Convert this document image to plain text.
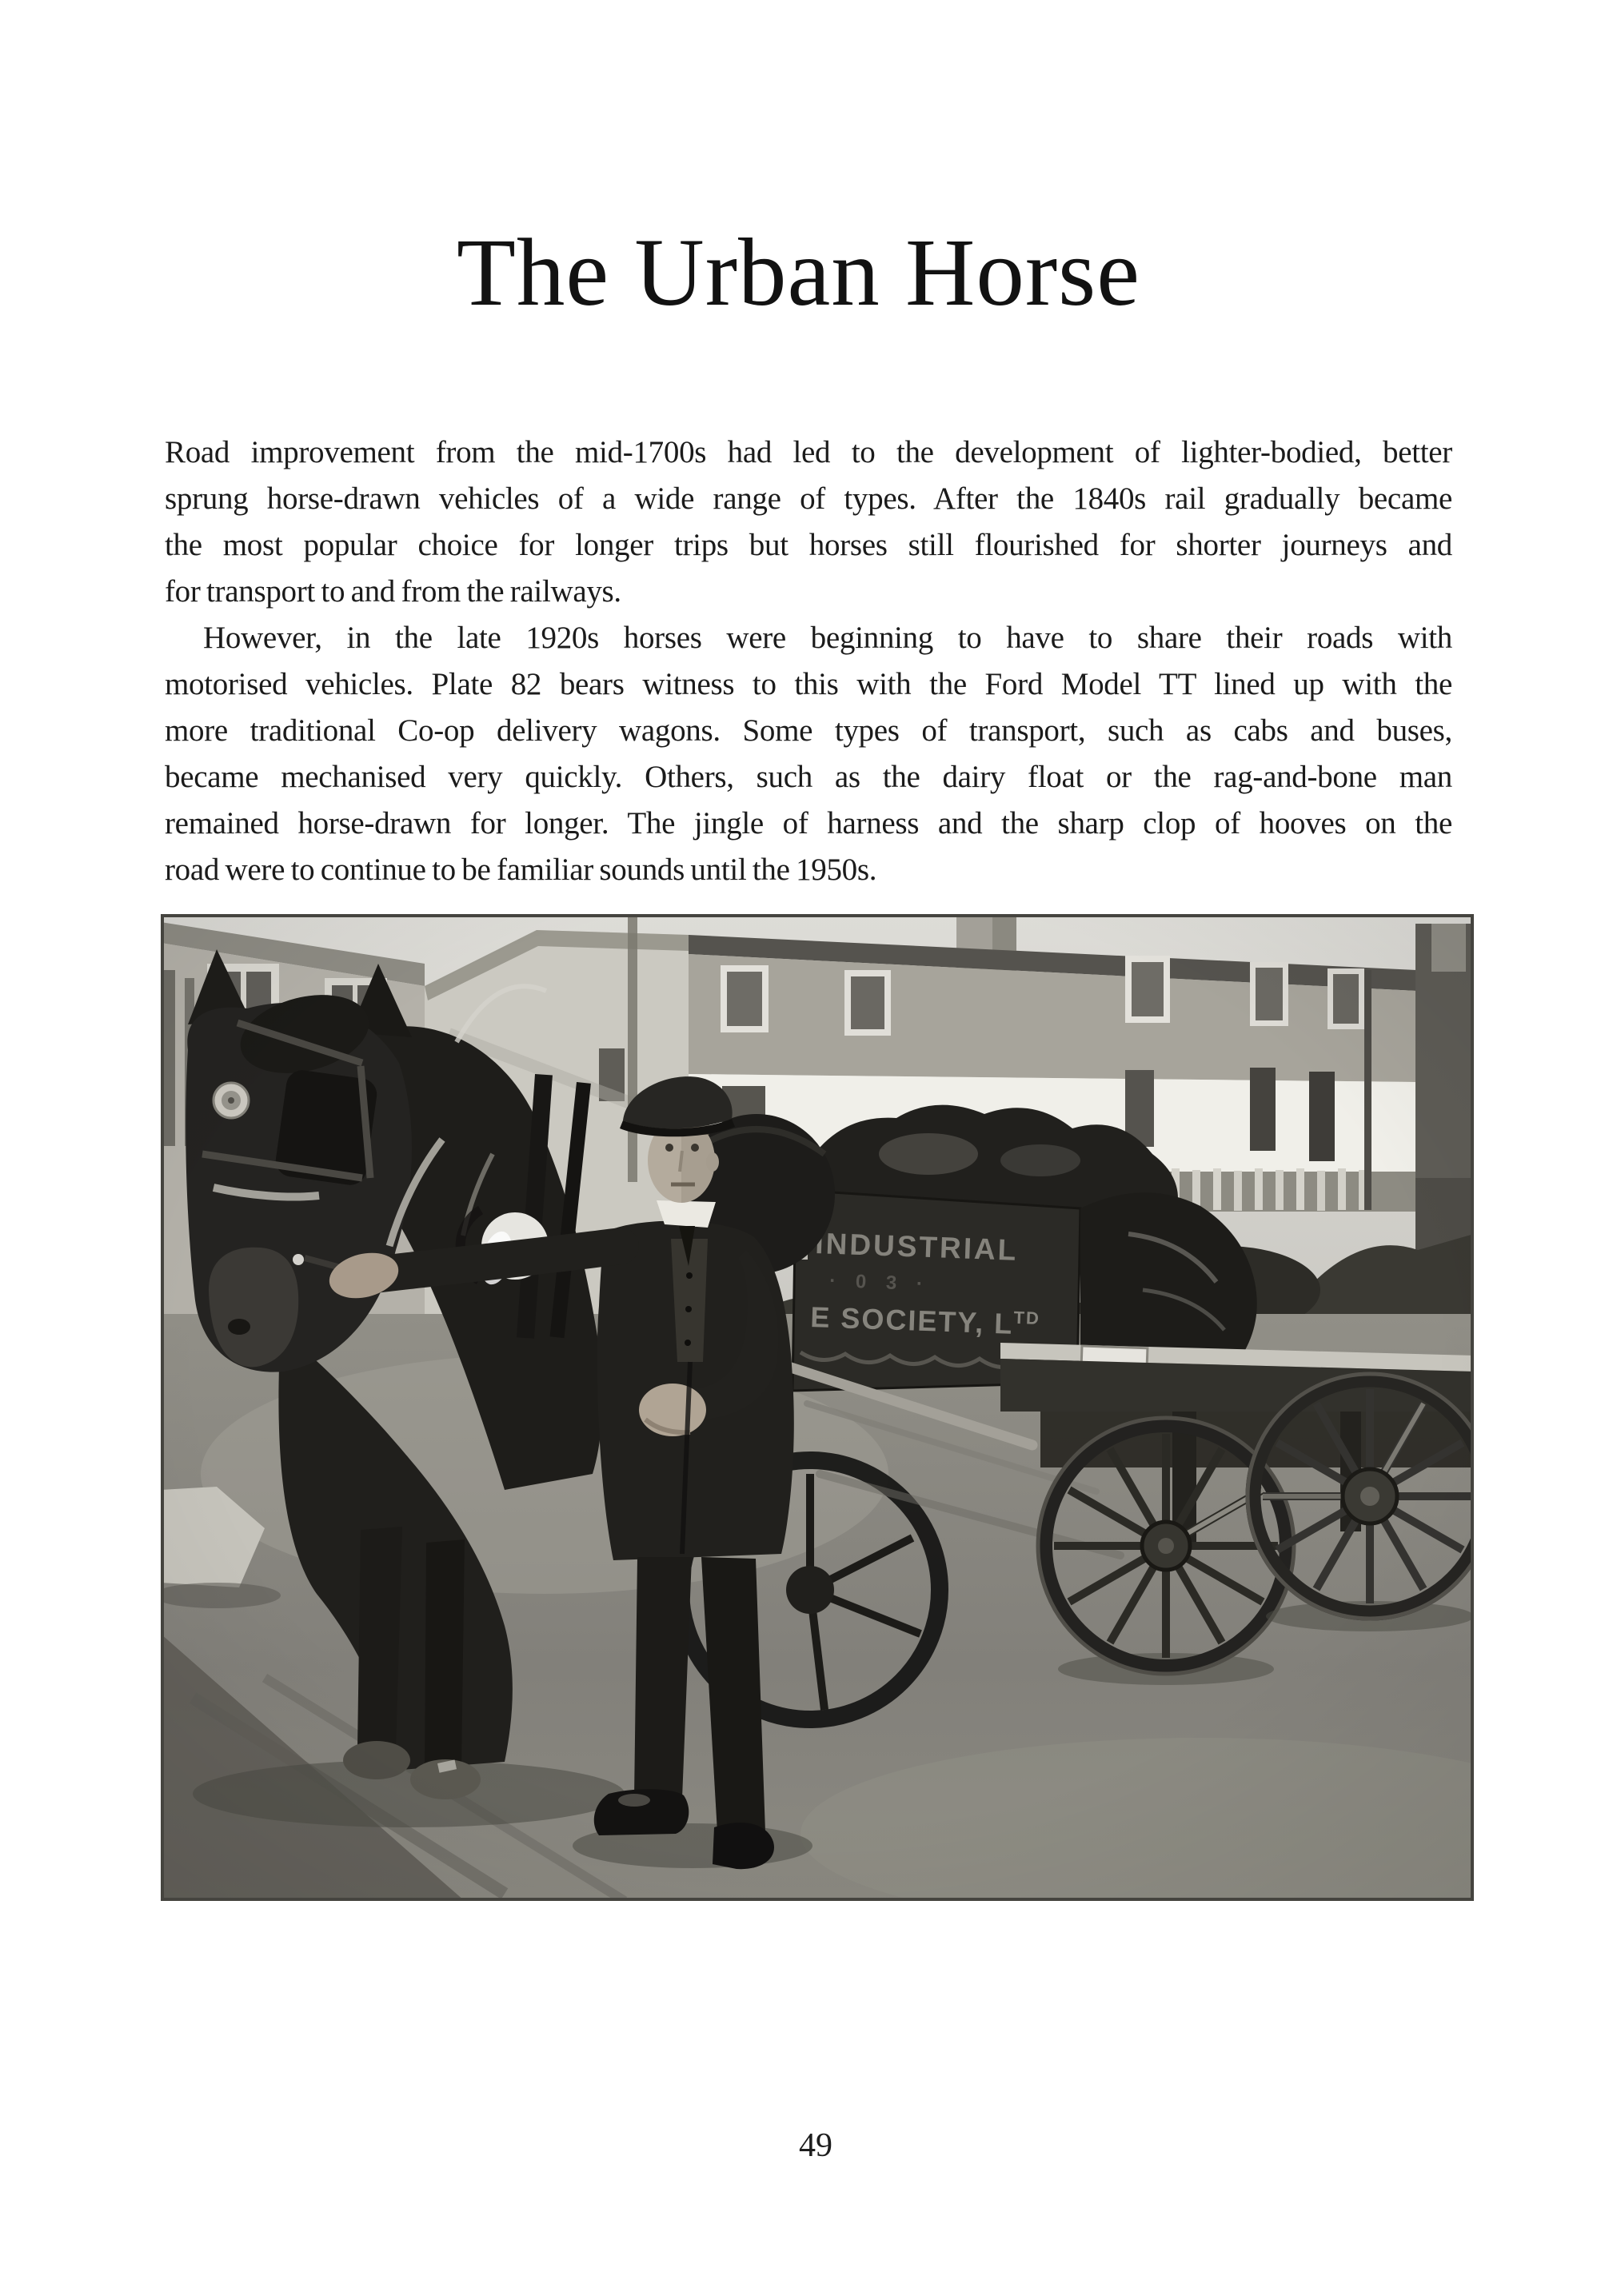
The Urban Horse
Road improvement from the mid-1700s had led to the development of lighter-bodied, better
sprung horse-drawn vehicles of a wide range of types. After the 1840s rail gradually became
the most popular choice for longer trips but horses still flourished for shorter journeys and
for transport to and from the railways.
However, in the late 1920s horses were beginning to have to share their roads with
motorised vehicles. Plate 82 bears witness to this with the Ford Model TT lined up with the
more traditional Co-op delivery wagons. Some types of transport, such as cabs and buses,
became mechanised very quickly. Others, such as the dairy float or the rag-and-bone man
remained horse-drawn for longer. The jingle of harness and the sharp clop of hooves on the
road were to continue to be familiar sounds until the 1950s.
INDUSTRIAL
· 0 3 ·
E SOCIETY, $L^{TD}$
49
